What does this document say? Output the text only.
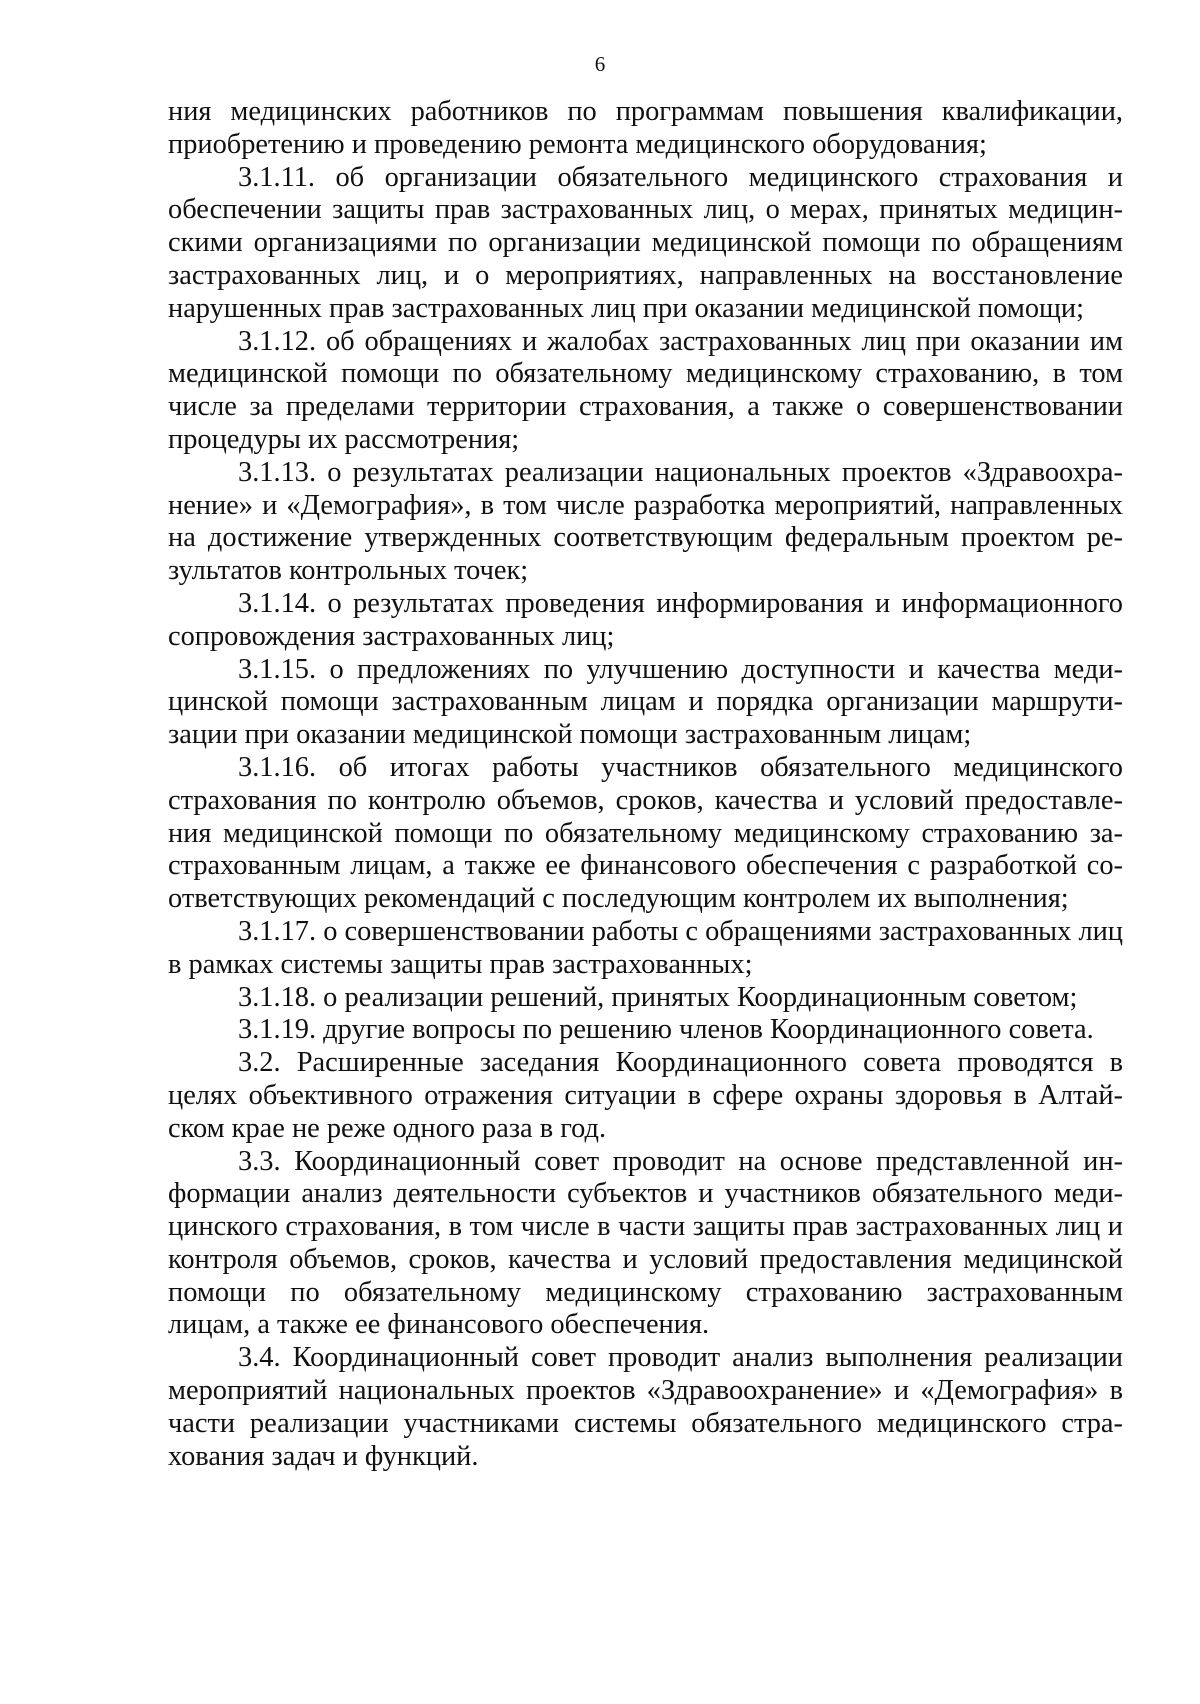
6

ния медицинских работников по программам повышения квалификации, приобретению и проведению ремонта медицинского оборудования;

3.1.11. об организации обязательного медицинского страхования и обеспечении защиты прав застрахованных лиц, о мерах, принятых медицинскими организациями по организации медицинской помощи по обращениям застрахованных лиц, и о мероприятиях, направленных на восстановление нарушенных прав застрахованных лиц при оказании медицинской помощи;

3.1.12. об обращениях и жалобах застрахованных лиц при оказании им медицинской помощи по обязательному медицинскому страхованию, в том числе за пределами территории страхования, а также о совершенствовании процедуры их рассмотрения;

3.1.13. о результатах реализации национальных проектов «Здравоохранение» и «Демография», в том числе разработка мероприятий, направленных на достижение утвержденных соответствующим федеральным проектом результатов контрольных точек;

3.1.14. о результатах проведения информирования и информационного сопровождения застрахованных лиц;

3.1.15. о предложениях по улучшению доступности и качества медицинской помощи застрахованным лицам и порядка организации маршрутизации при оказании медицинской помощи застрахованным лицам;

3.1.16. об итогах работы участников обязательного медицинского страхования по контролю объемов, сроков, качества и условий предоставления медицинской помощи по обязательному медицинскому страхованию застрахованным лицам, а также ее финансового обеспечения с разработкой соответствующих рекомендаций с последующим контролем их выполнения;

3.1.17. о совершенствовании работы с обращениями застрахованных лиц в рамках системы защиты прав застрахованных;

3.1.18. о реализации решений, принятых Координационным советом;

3.1.19. другие вопросы по решению членов Координационного совета.

3.2. Расширенные заседания Координационного совета проводятся в целях объективного отражения ситуации в сфере охраны здоровья в Алтайском крае не реже одного раза в год.

3.3. Координационный совет проводит на основе представленной информации анализ деятельности субъектов и участников обязательного медицинского страхования, в том числе в части защиты прав застрахованных лиц и контроля объемов, сроков, качества и условий предоставления медицинской помощи по обязательному медицинскому страхованию застрахованным лицам, а также ее финансового обеспечения.

3.4. Координационный совет проводит анализ выполнения реализации мероприятий национальных проектов «Здравоохранение» и «Демография» в части реализации участниками системы обязательного медицинского страхования задач и функций.
